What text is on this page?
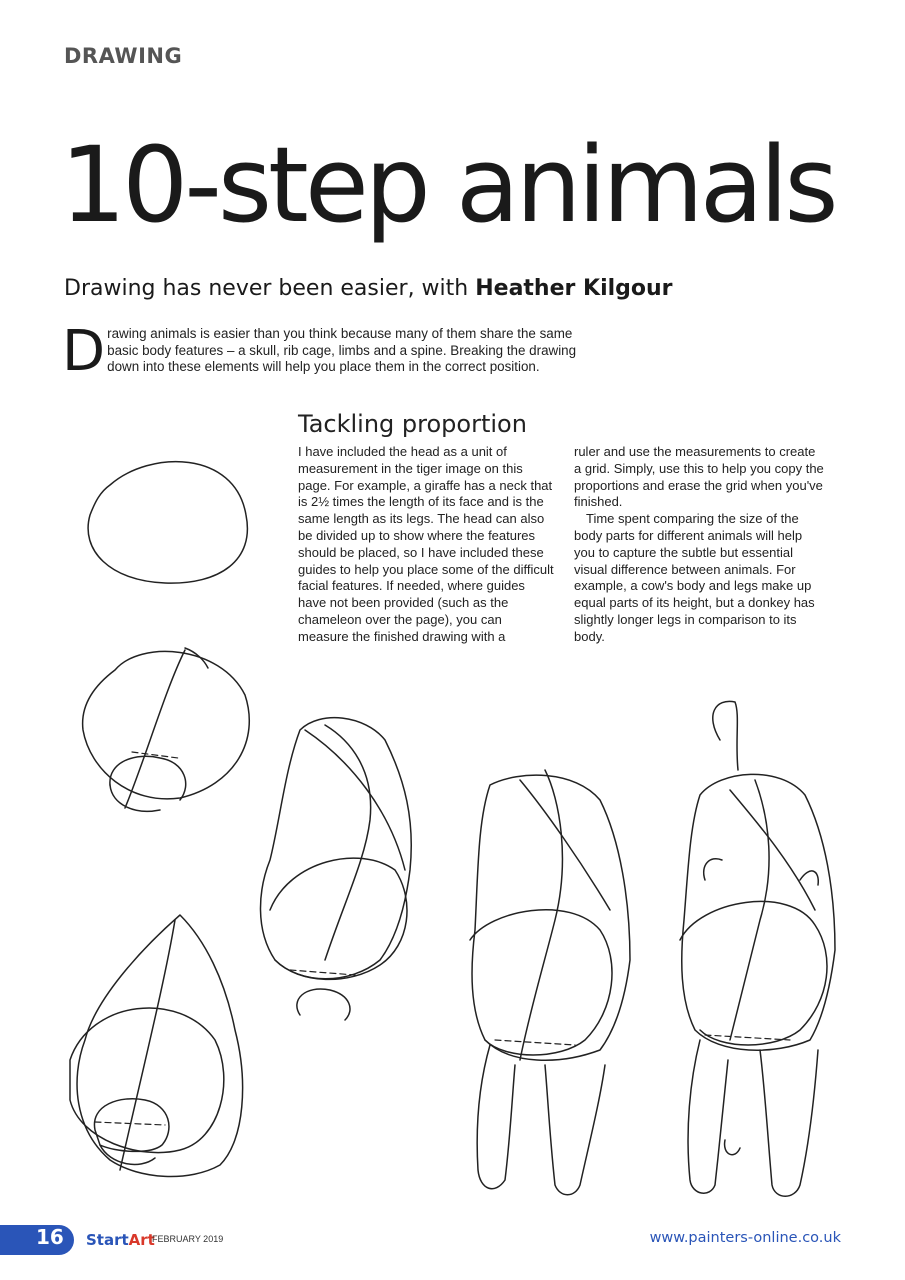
DRAWING
10-step animals
Drawing has never been easier, with Heather Kilgour
Drawing animals is easier than you think because many of them share the same basic body features – a skull, rib cage, limbs and a spine. Breaking the drawing down into these elements will help you place them in the correct position.
Tackling proportion

I have included the head as a unit of measurement in the tiger image on this page. For example, a giraffe has a neck that is 2½ times the length of its face and is the same length as its legs. The head can also be divided up to show where the features should be placed, so I have included these guides to help you place some of the difficult facial features. If needed, where guides have not been provided (such as the chameleon over the page), you can measure the finished drawing with a

ruler and use the measurements to create a grid. Simply, use this to help you copy the proportions and erase the grid when you've finished.

Time spent comparing the size of the body parts for different animals will help you to capture the subtle but essential visual difference between animals. For example, a cow's body and legs make up equal parts of its height, but a donkey has slightly longer legs in comparison to its body.

16 StartArt
FEBRUARY 2019	www.painters-online.co.uk
